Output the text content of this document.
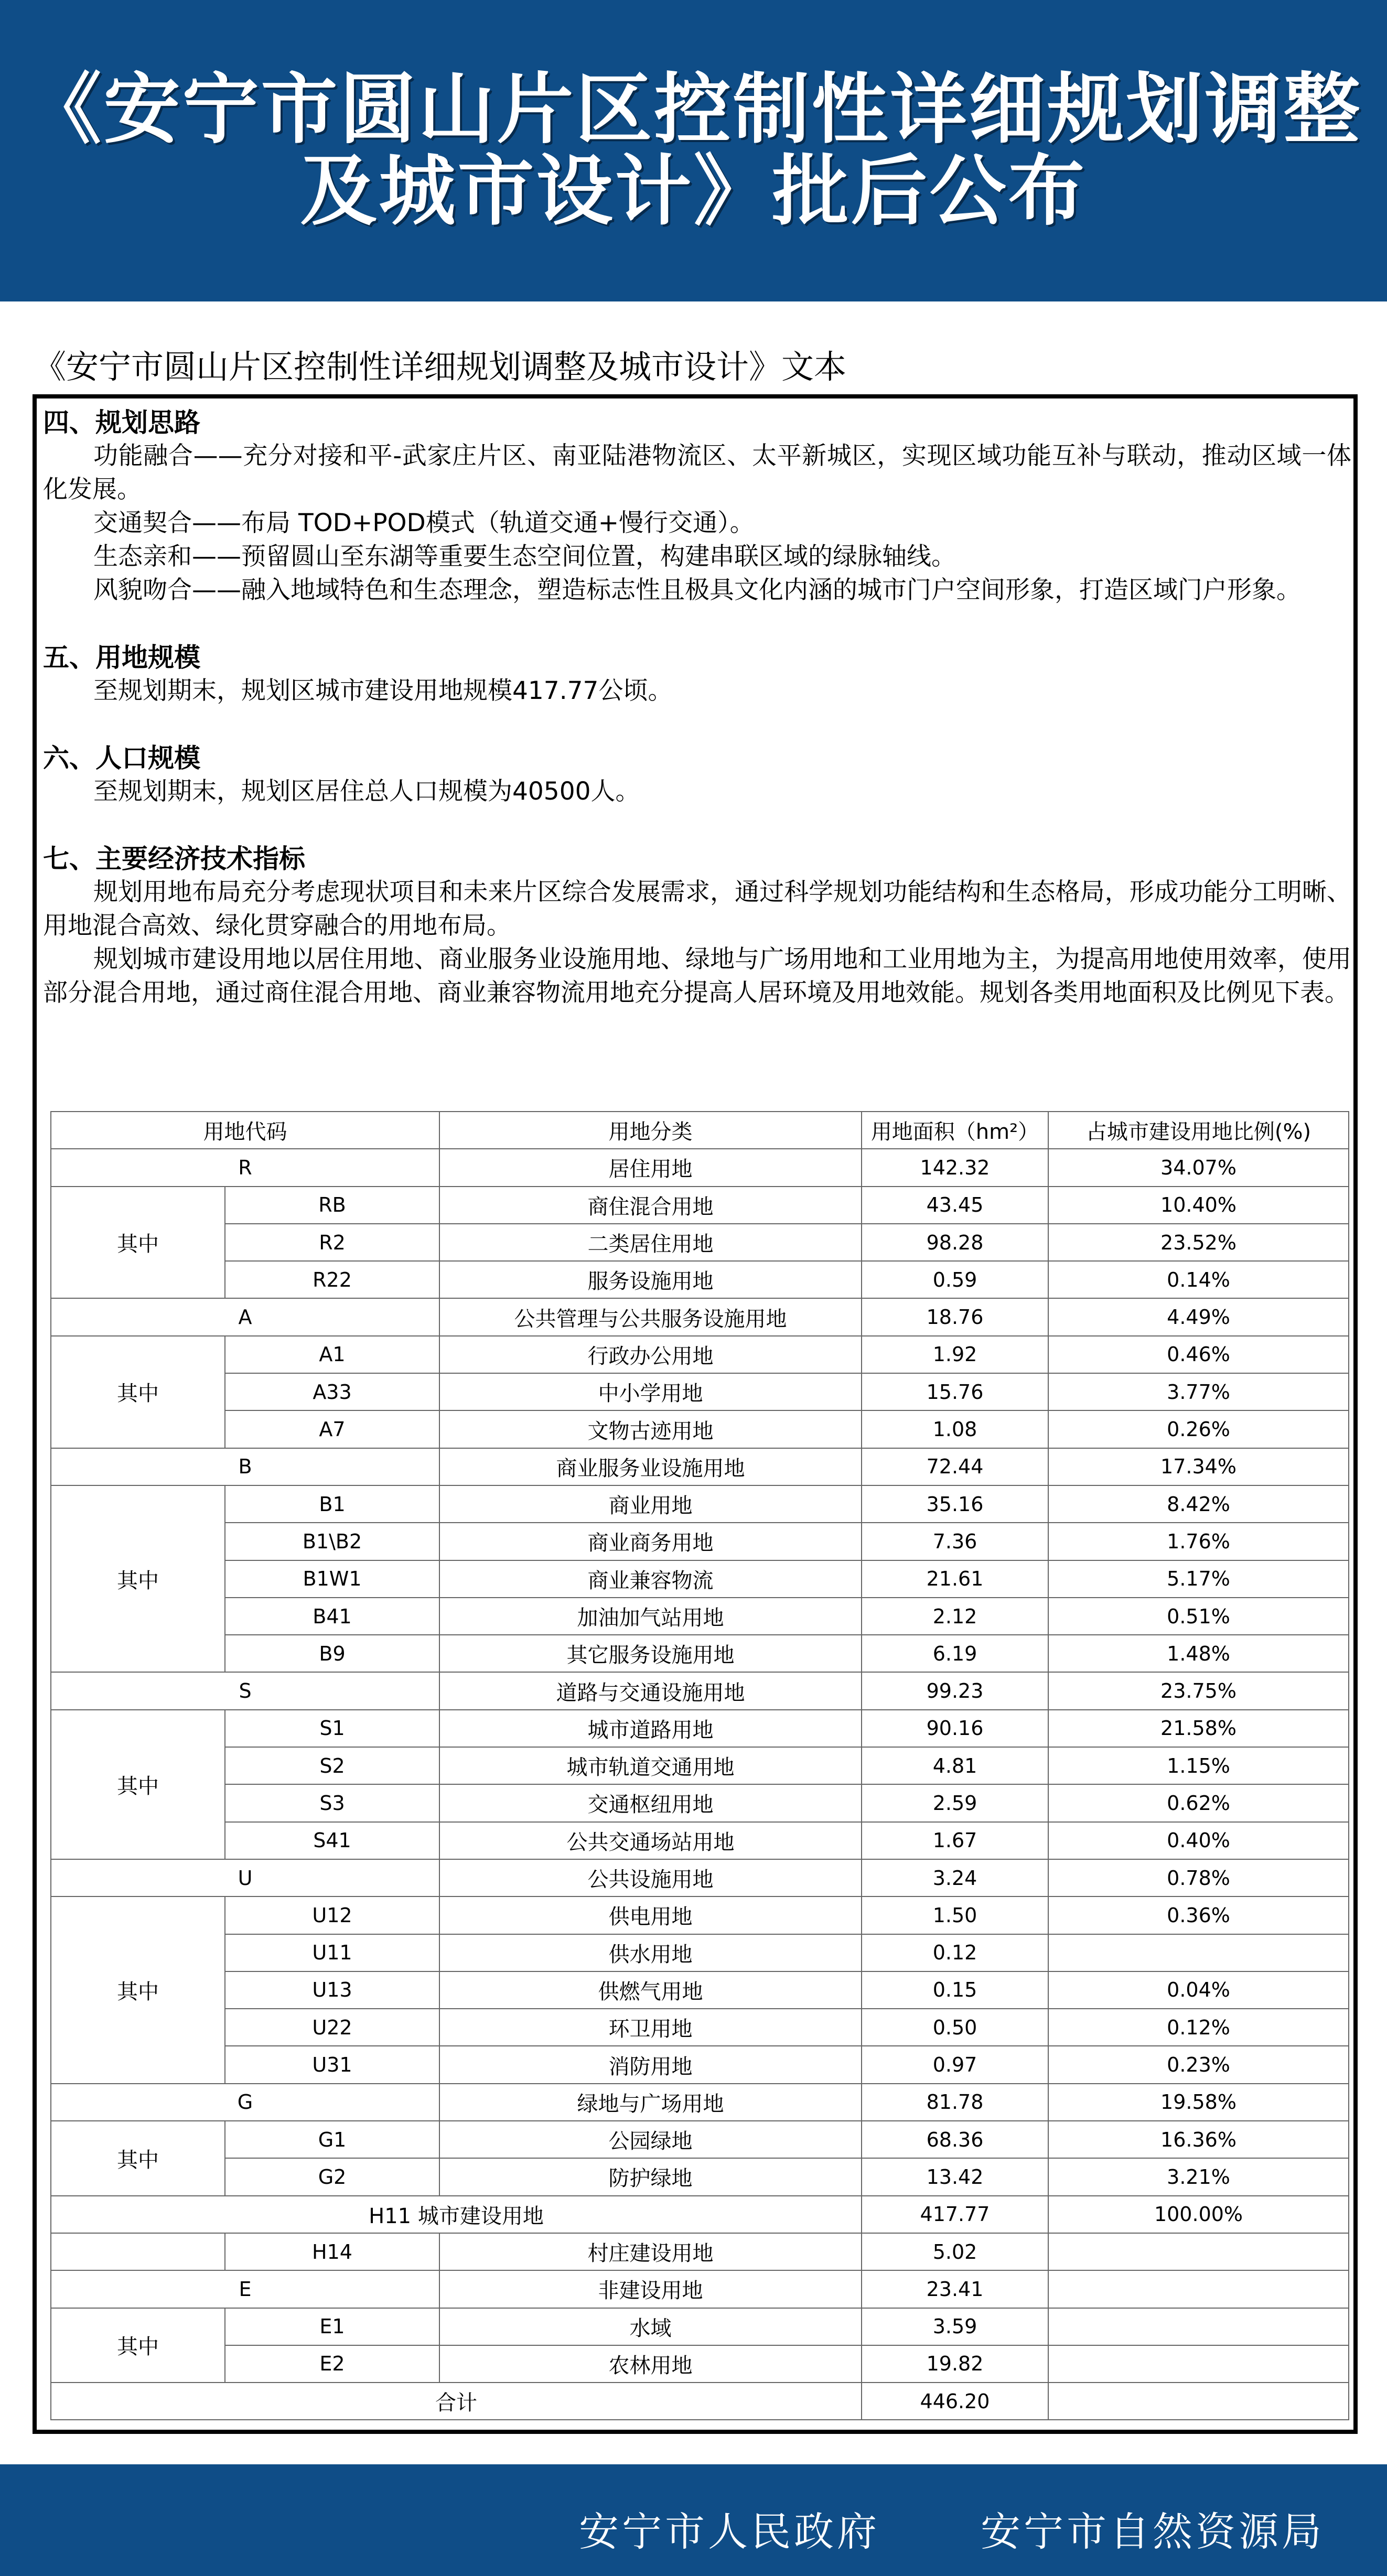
《安宁市圆山片区控制性详细规划调整
及城市设计》批后公布
《安宁市圆山片区控制性详细规划调整及城市设计》文本
四、规划思路
功能融合——充分对接和平-武家庄片区、南亚陆港物流区、太平新城区，实现区域功能互补与联动，推动区域一体化发展。
交通契合——布局 TOD+POD模式（轨道交通+慢行交通）。
生态亲和——预留圆山至东湖等重要生态空间位置，构建串联区域的绿脉轴线。
风貌吻合——融入地域特色和生态理念，塑造标志性且极具文化内涵的城市门户空间形象，打造区域门户形象。
五、用地规模
至规划期末，规划区城市建设用地规模417.77公顷。
六、人口规模
至规划期末，规划区居住总人口规模为40500人。
七、主要经济技术指标
规划用地布局充分考虑现状项目和未来片区综合发展需求，通过科学规划功能结构和生态格局，形成功能分工明晰、用地混合高效、绿化贯穿融合的用地布局。
规划城市建设用地以居住用地、商业服务业设施用地、绿地与广场用地和工业用地为主，为提高用地使用效率，使用部分混合用地，通过商住混合用地、商业兼容物流用地充分提高人居环境及用地效能。规划各类用地面积及比例见下表。
用地代码		用地分类	用地面积（hm²）	占城市建设用地比例(%)
R		居住用地	142.32	34.07%
其中	RB	商住混合用地	43.45	10.40%
	R2	二类居住用地	98.28	23.52%
	R22	服务设施用地	0.59	0.14%
A		公共管理与公共服务设施用地	18.76	4.49%
其中	A1	行政办公用地	1.92	0.46%
	A33	中小学用地	15.76	3.77%
	A7	文物古迹用地	1.08	0.26%
B		商业服务业设施用地	72.44	17.34%
其中	B1	商业用地	35.16	8.42%
	B1\B2	商业商务用地	7.36	1.76%
	B1W1	商业兼容物流	21.61	5.17%
	B41	加油加气站用地	2.12	0.51%
	B9	其它服务设施用地	6.19	1.48%
S		道路与交通设施用地	99.23	23.75%
其中	S1	城市道路用地	90.16	21.58%
	S2	城市轨道交通用地	4.81	1.15%
	S3	交通枢纽用地	2.59	0.62%
	S41	公共交通场站用地	1.67	0.40%
U		公共设施用地	3.24	0.78%
其中	U12	供电用地	1.50	0.36%
	U11	供水用地	0.12	
	U13	供燃气用地	0.15	0.04%
	U22	环卫用地	0.50	0.12%
	U31	消防用地	0.97	0.23%
G		绿地与广场用地	81.78	19.58%
其中	G1	公园绿地	68.36	16.36%
	G2	防护绿地	13.42	3.21%
H11 城市建设用地			417.77	100.00%
	H14	村庄建设用地	5.02	
E		非建设用地	23.41	
其中	E1	水域	3.59	
	E2	农林用地	19.82	
合计			446.20	
安宁市人民政府	安宁市自然资源局
